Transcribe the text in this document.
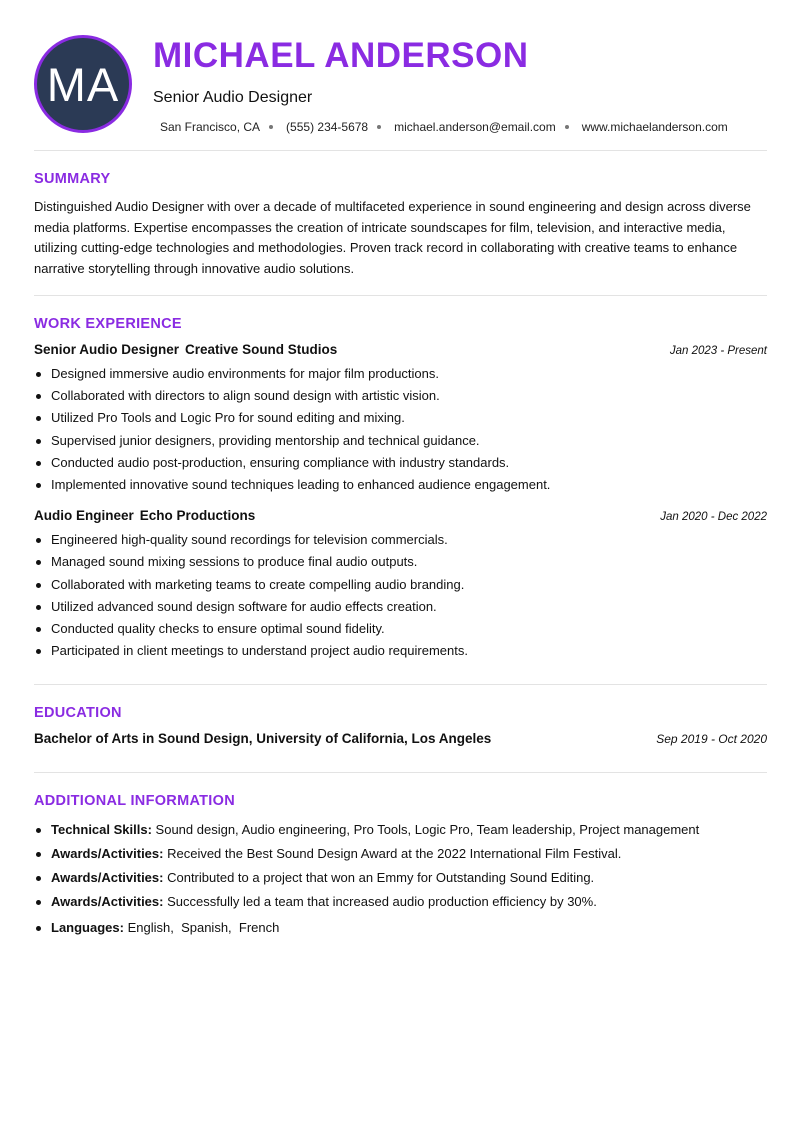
MA
MICHAEL ANDERSON
Senior Audio Designer
San Francisco, CA (555) 234-5678 michael.anderson@email.com www.michaelanderson.com
SUMMARY

Distinguished Audio Designer with over a decade of multifaceted experience in sound engineering and design across diverse media platforms. Expertise encompasses the creation of intricate soundscapes for film, television, and interactive media, utilizing cutting-edge technologies and methodologies. Proven track record in collaborating with creative teams to enhance narrative storytelling through innovative audio solutions.

WORK EXPERIENCE
Senior Audio Designer Creative Sound Studios	Jan 2023 - Present
Designed immersive audio environments for major film productions.
Collaborated with directors to align sound design with artistic vision.
Utilized Pro Tools and Logic Pro for sound editing and mixing.
Supervised junior designers, providing mentorship and technical guidance.
Conducted audio post-production, ensuring compliance with industry standards.
Implemented innovative sound techniques leading to enhanced audience engagement.
Audio Engineer Echo Productions	Jan 2020 - Dec 2022
Engineered high-quality sound recordings for television commercials.
Managed sound mixing sessions to produce final audio outputs.
Collaborated with marketing teams to create compelling audio branding.
Utilized advanced sound design software for audio effects creation.
Conducted quality checks to ensure optimal sound fidelity.
Participated in client meetings to understand project audio requirements.
EDUCATION
Bachelor of Arts in Sound Design, University of California, Los Angeles	Sep 2019 - Oct 2020
ADDITIONAL INFORMATION
Technical Skills: Sound design, Audio engineering, Pro Tools, Logic Pro, Team leadership, Project management
Awards/Activities: Received the Best Sound Design Award at the 2022 International Film Festival.
Awards/Activities: Contributed to a project that won an Emmy for Outstanding Sound Editing.
Awards/Activities: Successfully led a team that increased audio production efficiency by 30%.
Languages: English,  Spanish,  French
